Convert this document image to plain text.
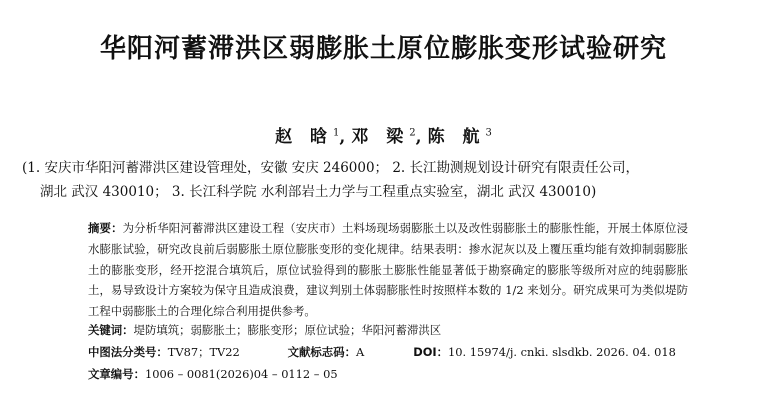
华阳河蓄滞洪区弱膨胀土原位膨胀变形试验研究
赵 晗$^1$,邓 梁$^2$,陈 航$^3$
(1. 安庆市华阳河蓄滞洪区建设管理处，安徽 安庆 246000； 2. 长江勘测规划设计研究有限责任公司，
湖北 武汉 430010； 3. 长江科学院 水利部岩土力学与工程重点实验室，湖北 武汉 430010)
摘要：为分析华阳河蓄滞洪区建设工程（安庆市）土料场现场弱膨胀土以及改性弱膨胀土的膨胀性能，开展土体原位浸水膨胀试验，研究改良前后弱膨胀土原位膨胀变形的变化规律。结果表明：掺水泥灰以及上覆压重均能有效抑制弱膨胀土的膨胀变形，经开挖混合填筑后，原位试验得到的膨胀土膨胀性能显著低于勘察确定的膨胀等级所对应的纯弱膨胀土，易导致设计方案较为保守且造成浪费，建议判别土体弱膨胀性时按照样本数的 1/2 来划分。研究成果可为类似堤防工程中弱膨胀土的合理化综合利用提供参考。
关键词：堤防填筑；弱膨胀土；膨胀变形；原位试验；华阳河蓄滞洪区
中图法分类号：TV87；TV22	文献标志码：A	DOI：10. 15974/j. cnki. slsdkb. 2026. 04. 018
文章编号：1006 – 0081(2026)04 – 0112 – 05
